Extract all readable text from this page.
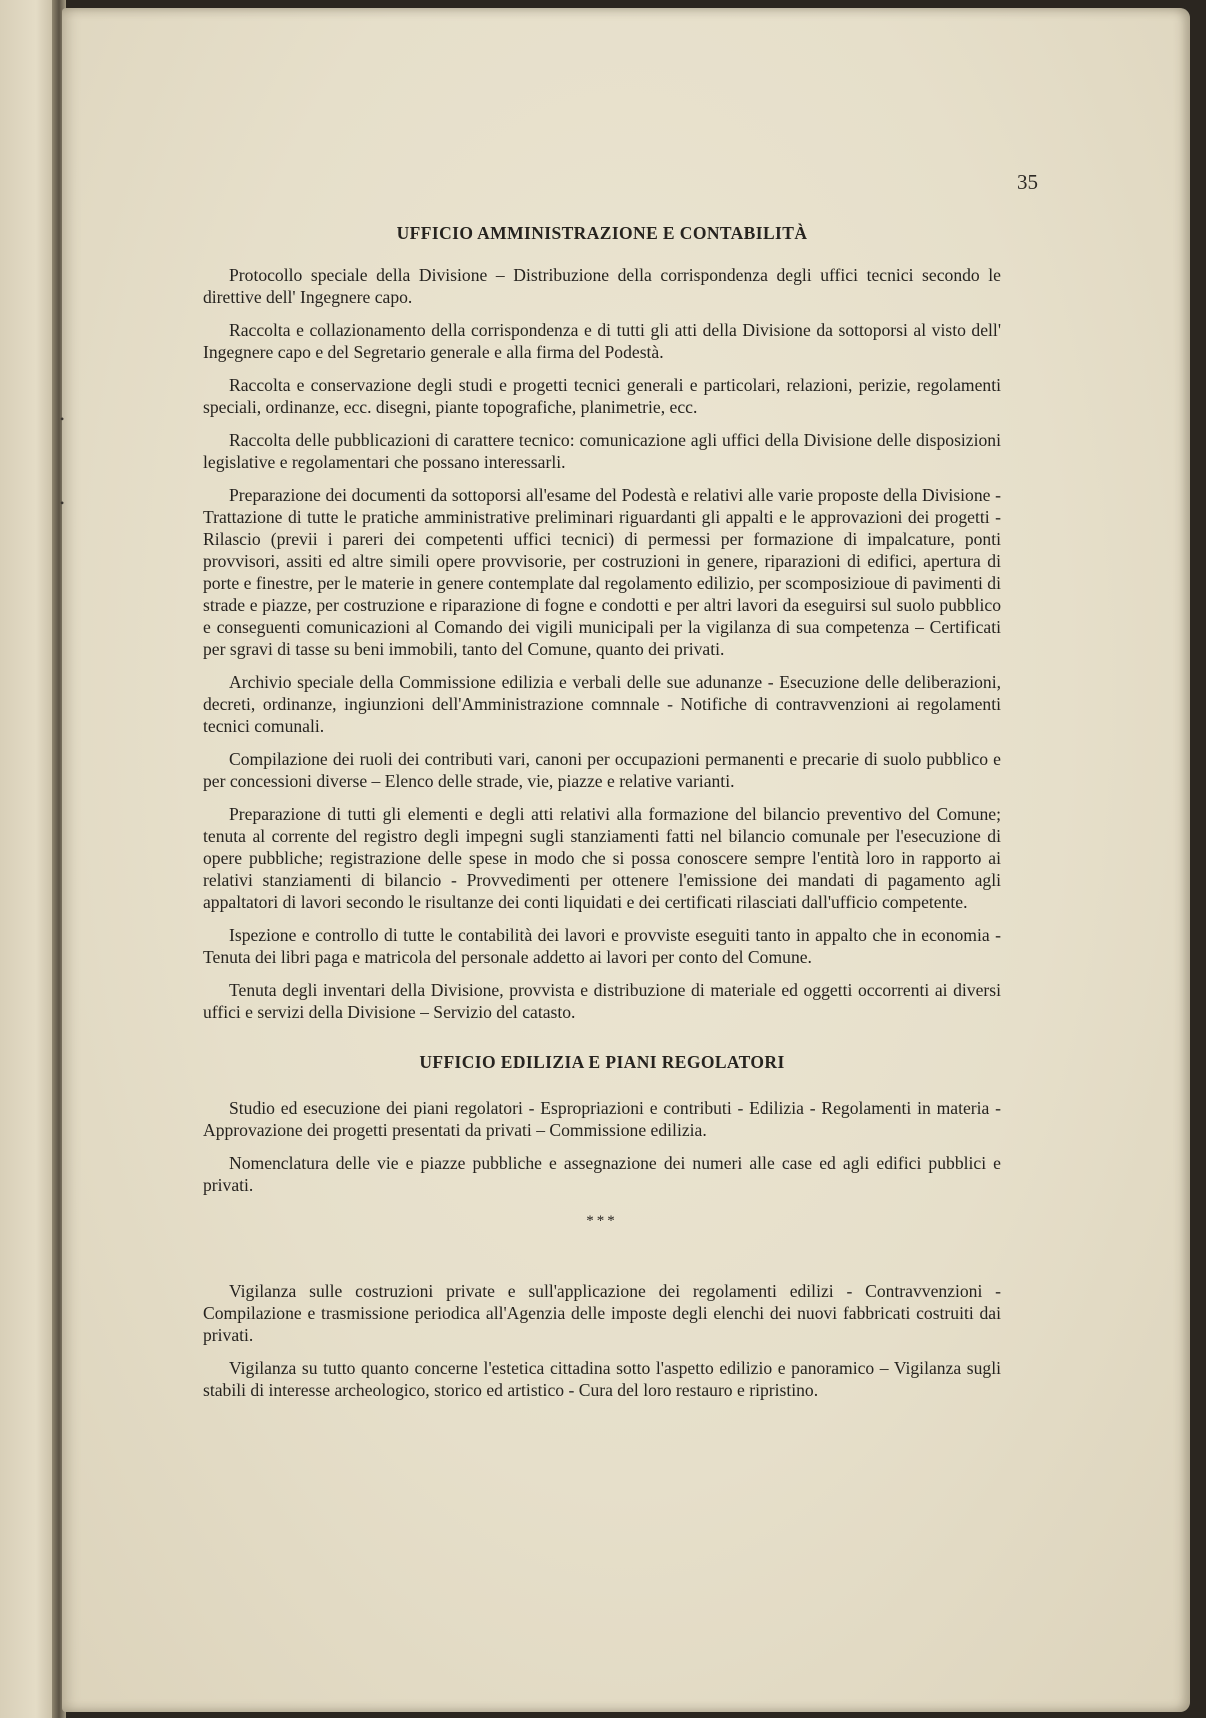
35
•
•
UFFICIO AMMINISTRAZIONE E CONTABILITÀ

Protocollo speciale della Divisione – Distribuzione della corrispondenza degli uffici tecnici secondo le direttive dell' Ingegnere capo.

Raccolta e collazionamento della corrispondenza e di tutti gli atti della Divisione da sottoporsi al visto dell' Ingegnere capo e del Segretario generale e alla firma del Podestà.

Raccolta e conservazione degli studi e progetti tecnici generali e particolari, relazioni, perizie, regolamenti speciali, ordinanze, ecc. disegni, piante topografiche, planimetrie, ecc.

Raccolta delle pubblicazioni di carattere tecnico: comunicazione agli uffici della Divisione delle disposizioni legislative e regolamentari che possano interessarli.

Preparazione dei documenti da sottoporsi all'esame del Podestà e relativi alle varie proposte della Divisione - Trattazione di tutte le pratiche amministrative preliminari riguardanti gli appalti e le approvazioni dei progetti - Rilascio (previi i pareri dei competenti uffici tecnici) di permessi per formazione di impalcature, ponti provvisori, assiti ed altre simili opere provvisorie, per costruzioni in genere, riparazioni di edifici, apertura di porte e finestre, per le materie in genere contemplate dal regolamento edilizio, per scomposizioue di pavimenti di strade e piazze, per costruzione e riparazione di fogne e condotti e per altri lavori da eseguirsi sul suolo pubblico e conseguenti comunicazioni al Comando dei vigili municipali per la vigilanza di sua competenza – Certificati per sgravi di tasse su beni immobili, tanto del Comune, quanto dei privati.

Archivio speciale della Commissione edilizia e verbali delle sue adunanze - Esecuzione delle deliberazioni, decreti, ordinanze, ingiunzioni dell'Amministrazione comnnale - Notifiche di contravvenzioni ai regolamenti tecnici comunali.

Compilazione dei ruoli dei contributi vari, canoni per occupazioni permanenti e precarie di suolo pubblico e per concessioni diverse – Elenco delle strade, vie, piazze e relative varianti.

Preparazione di tutti gli elementi e degli atti relativi alla formazione del bilancio preventivo del Comune; tenuta al corrente del registro degli impegni sugli stanziamenti fatti nel bilancio comunale per l'esecuzione di opere pubbliche; registrazione delle spese in modo che si possa conoscere sempre l'entità loro in rapporto ai relativi stanziamenti di bilancio - Provvedimenti per ottenere l'emissione dei mandati di pagamento agli appaltatori di lavori secondo le risultanze dei conti liquidati e dei certificati rilasciati dall'ufficio competente.

Ispezione e controllo di tutte le contabilità dei lavori e provviste eseguiti tanto in appalto che in economia - Tenuta dei libri paga e matricola del personale addetto ai lavori per conto del Comune.

Tenuta degli inventari della Divisione, provvista e distribuzione di materiale ed oggetti occorrenti ai diversi uffici e servizi della Divisione – Servizio del catasto.

UFFICIO EDILIZIA E PIANI REGOLATORI

Studio ed esecuzione dei piani regolatori - Espropriazioni e contributi - Edilizia - Regolamenti in materia - Approvazione dei progetti presentati da privati – Commissione edilizia.

Nomenclatura delle vie e piazze pubbliche e assegnazione dei numeri alle case ed agli edifici pubblici e privati.

***

Vigilanza sulle costruzioni private e sull'applicazione dei regolamenti edilizi - Contravvenzioni - Compilazione e trasmissione periodica all'Agenzia delle imposte degli elenchi dei nuovi fabbricati costruiti dai privati.

Vigilanza su tutto quanto concerne l'estetica cittadina sotto l'aspetto edilizio e panoramico – Vigilanza sugli stabili di interesse archeologico, storico ed artistico - Cura del loro restauro e ripristino.
